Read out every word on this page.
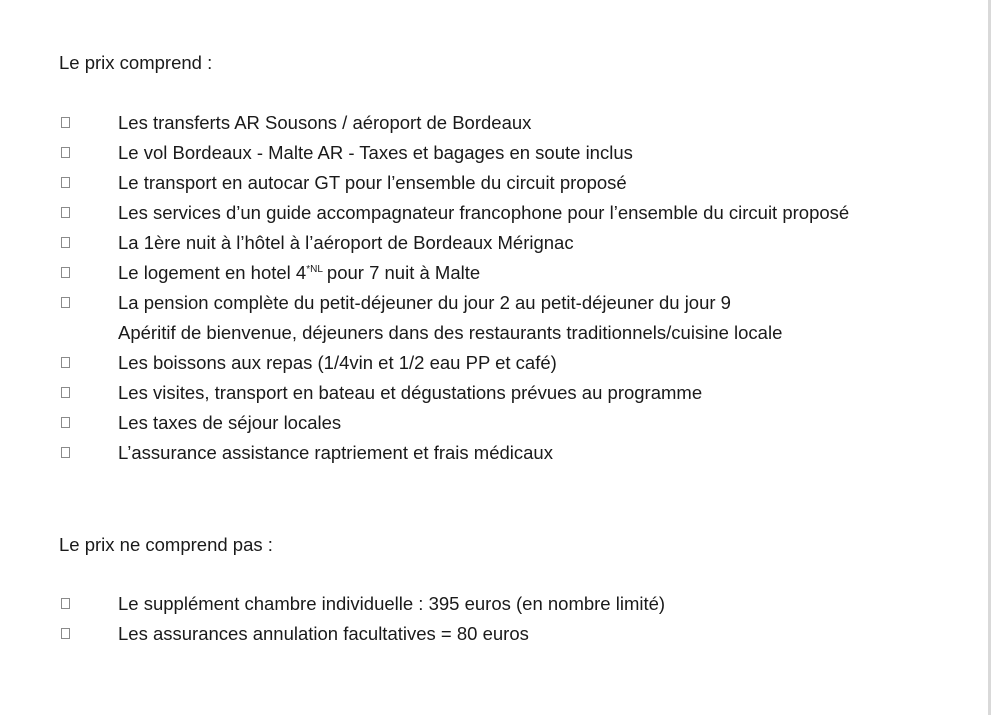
Le prix comprend :
Les transferts AR Sousons / aéroport de Bordeaux
Le vol Bordeaux - Malte AR - Taxes et bagages en soute inclus
Le transport en autocar GT pour l’ensemble du circuit proposé
Les services d’un guide accompagnateur francophone pour l’ensemble du circuit proposé
La 1ère nuit à l’hôtel à l’aéroport de Bordeaux Mérignac
Le logement en hotel $4^{*NL}$ pour 7 nuit à Malte
La pension complète du petit-déjeuner du jour 2 au petit-déjeuner du jour 9
Apéritif de bienvenue, déjeuners dans des restaurants traditionnels/cuisine locale
Les boissons aux repas (1/4vin et 1/2 eau PP et café)
Les visites, transport en bateau et dégustations prévues au programme
Les taxes de séjour locales
L’assurance assistance raptriement et frais médicaux
Le prix ne comprend pas :
Le supplément chambre individuelle : 395 euros (en nombre limité)
Les assurances annulation facultatives = 80 euros
